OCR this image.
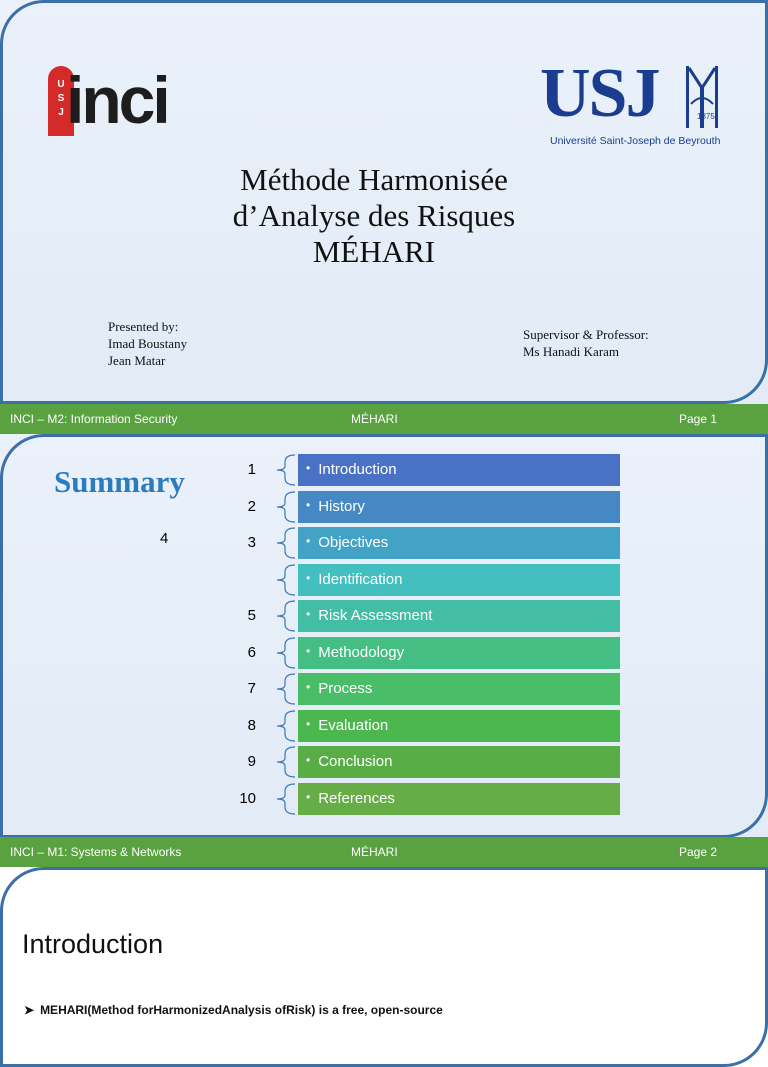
USJ inci	USJ	1875
Université Saint-Joseph de Beyrouth
Méthode Harmonisée
d’Analyse des Risques
MÉHARI
Presented by:
Imad Boustany
Jean Matar
Supervisor & Professor:
Ms Hanadi Karam
INCI – M2: Information Security	MÉHARI	Page 1
Summary
4
1	• Introduction
2	• History
3	• Objectives
• Identification
5	• Risk Assessment
6	• Methodology
7	• Process
8	• Evaluation
9	• Conclusion
10	• References
INCI – M1: Systems & Networks	MÉHARI	Page 2
Introduction
➤ MEHARI(Method forHarmonizedAnalysis ofRisk) is a free, open-source
